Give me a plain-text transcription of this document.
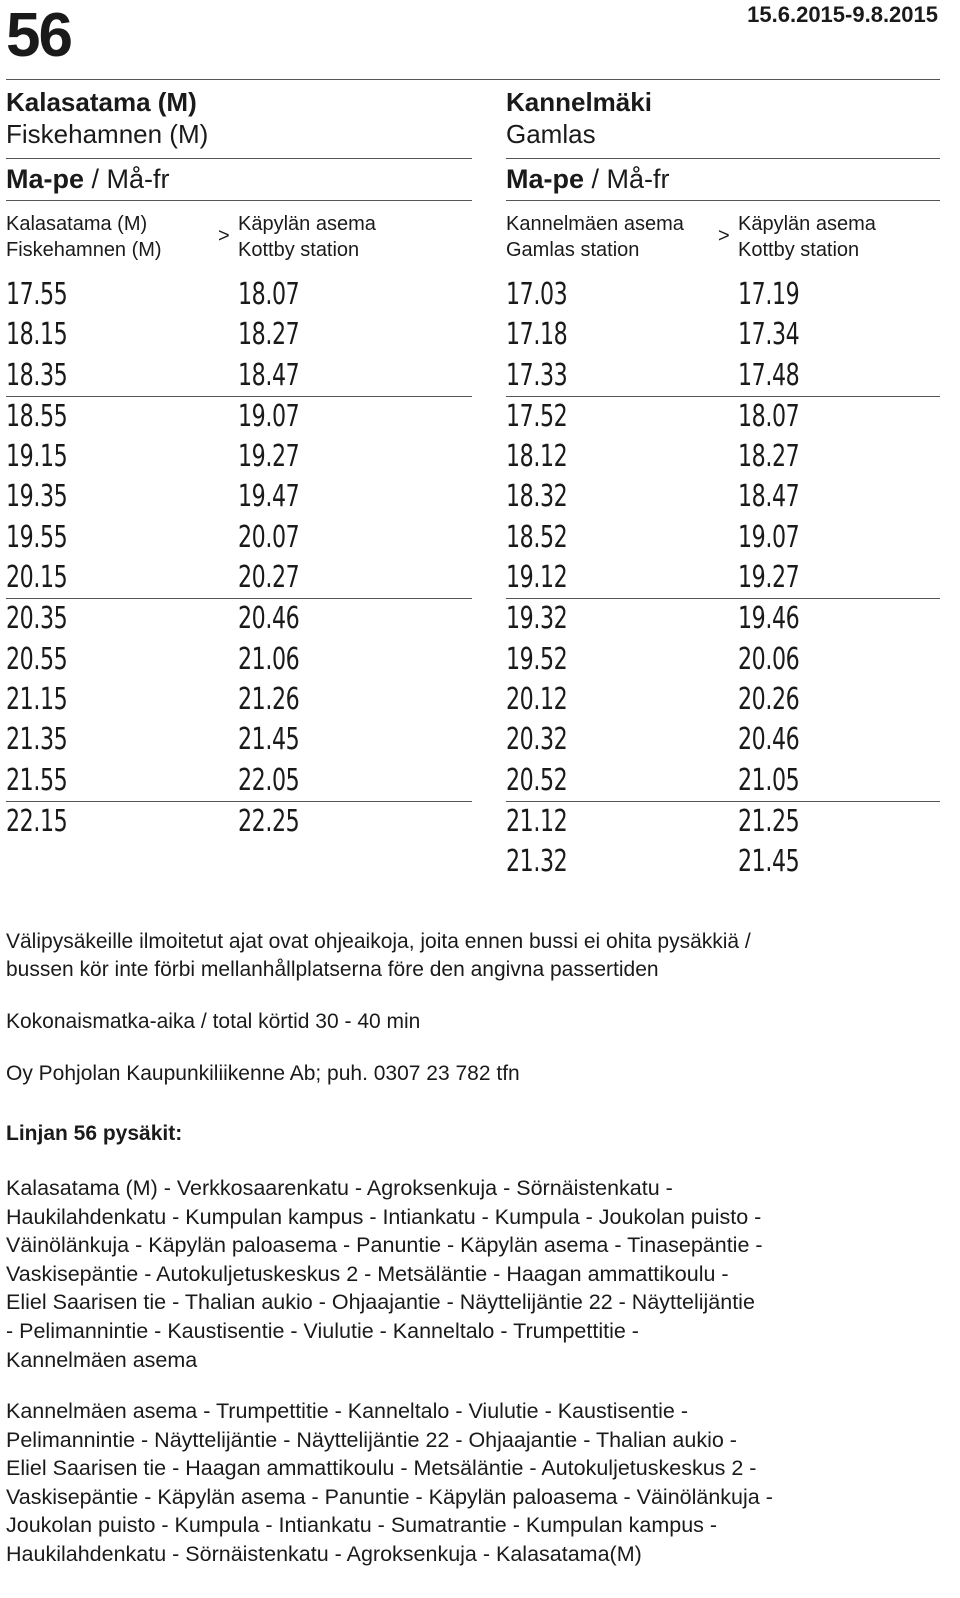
56	15.6.2015-9.8.2015
Kalasatama (M)
Fiskehamnen (M)
Ma-pe / Må-fr
Kalasatama (M)
Fiskehamnen (M)
>
Käpylän asema
Kottby station
17.55	18.07
18.15	18.27
18.35	18.47
18.55	19.07
19.15	19.27
19.35	19.47
19.55	20.07
20.15	20.27
20.35	20.46
20.55	21.06
21.15	21.26
21.35	21.45
21.55	22.05
22.15	22.25
Kannelmäki
Gamlas
Ma-pe / Må-fr
Kannelmäen asema
Gamlas station
>
Käpylän asema
Kottby station
17.03	17.19
17.18	17.34
17.33	17.48
17.52	18.07
18.12	18.27
18.32	18.47
18.52	19.07
19.12	19.27
19.32	19.46
19.52	20.06
20.12	20.26
20.32	20.46
20.52	21.05
21.12	21.25
21.32	21.45
Välipysäkeille ilmoitetut ajat ovat ohjeaikoja, joita ennen bussi ei ohita pysäkkiä /
bussen kör inte förbi mellanhållplatserna före den angivna passertiden
Kokonaismatka-aika / total körtid 30 - 40 min
Oy Pohjolan Kaupunkiliikenne Ab; puh. 0307 23 782 tfn
Linjan 56 pysäkit:
Kalasatama (M) - Verkkosaarenkatu - Agroksenkuja - Sörnäistenkatu -
Haukilahdenkatu - Kumpulan kampus - Intiankatu - Kumpula - Joukolan puisto -
Väinölänkuja - Käpylän paloasema - Panuntie - Käpylän asema - Tinasepäntie -
Vaskisepäntie - Autokuljetuskeskus 2 - Metsäläntie - Haagan ammattikoulu -
Eliel Saarisen tie - Thalian aukio - Ohjaajantie - Näyttelijäntie 22 - Näyttelijäntie
- Pelimannintie - Kaustisentie - Viulutie - Kanneltalo - Trumpettitie -
Kannelmäen asema
Kannelmäen asema - Trumpettitie - Kanneltalo - Viulutie - Kaustisentie -
Pelimannintie - Näyttelijäntie - Näyttelijäntie 22 - Ohjaajantie - Thalian aukio -
Eliel Saarisen tie - Haagan ammattikoulu - Metsäläntie - Autokuljetuskeskus 2 -
Vaskisepäntie - Käpylän asema - Panuntie - Käpylän paloasema - Väinölänkuja -
Joukolan puisto - Kumpula - Intiankatu - Sumatrantie - Kumpulan kampus -
Haukilahdenkatu - Sörnäistenkatu - Agroksenkuja - Kalasatama(M)
